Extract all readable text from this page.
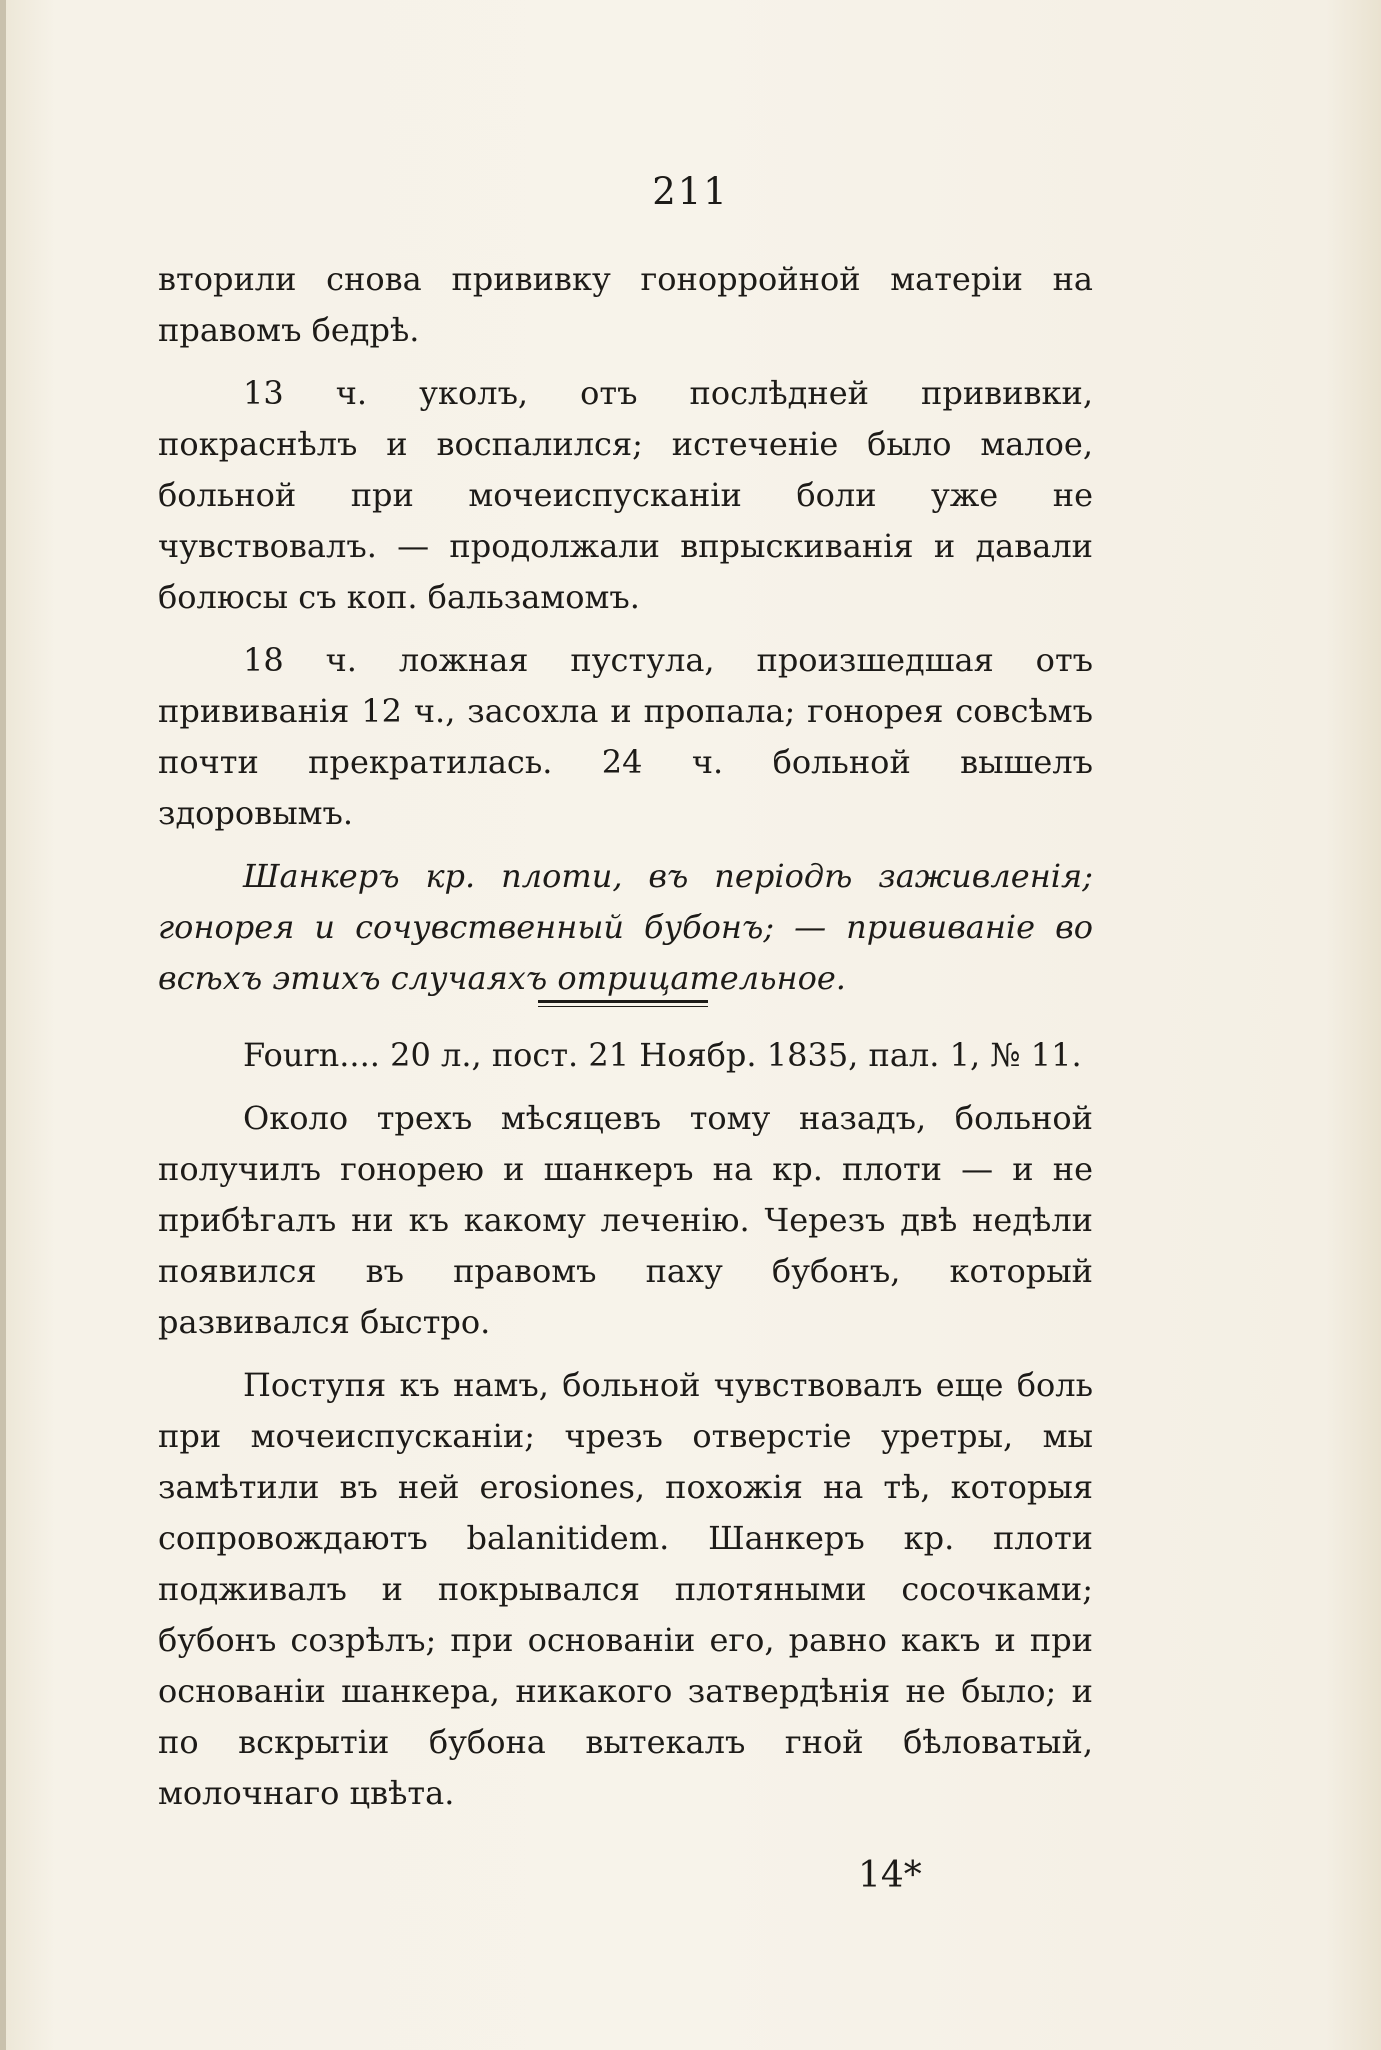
211

вторили снова прививку гонорройной матеріи на правомъ бедрѣ.

13 ч. уколъ, отъ послѣдней прививки, покраснѣлъ и воспалился; истеченіе было малое, больной при мочеиспусканіи боли уже не чувствовалъ. — продолжали впрыскиванія и давали болюсы съ коп. бальзамомъ.

18 ч. ложная пустула, произшедшая отъ прививанія 12 ч., засохла и пропала; гонорея совсѣмъ почти прекратилась. 24 ч. больной вышелъ здоровымъ.

Шанкеръ кр. плоти, въ періодѣ заживленія; гонорея и сочувственный бубонъ; — прививаніе во всѣхъ этихъ случаяхъ отрицательное.

Fourn.... 20 л., пост. 21 Ноябр. 1835, пал. 1, № 11.

Около трехъ мѣсяцевъ тому назадъ, больной получилъ гонорею и шанкеръ на кр. плоти — и не прибѣгалъ ни къ какому леченію. Черезъ двѣ недѣли появился въ правомъ паху бубонъ, который развивался быстро.

Поступя къ намъ, больной чувствовалъ еще боль при мочеиспусканіи; чрезъ отверстіе уретры, мы замѣтили въ ней erosiones, похожія на тѣ, которыя сопровождаютъ balanitidem. Шанкеръ кр. плоти подживалъ и покрывался плотяными сосочками; бубонъ созрѣлъ; при основаніи его, равно какъ и при основаніи шанкера, никакого затвердѣнія не было; и по вскрытіи бубона вытекалъ гной бѣловатый, молочнаго цвѣта.

14*
